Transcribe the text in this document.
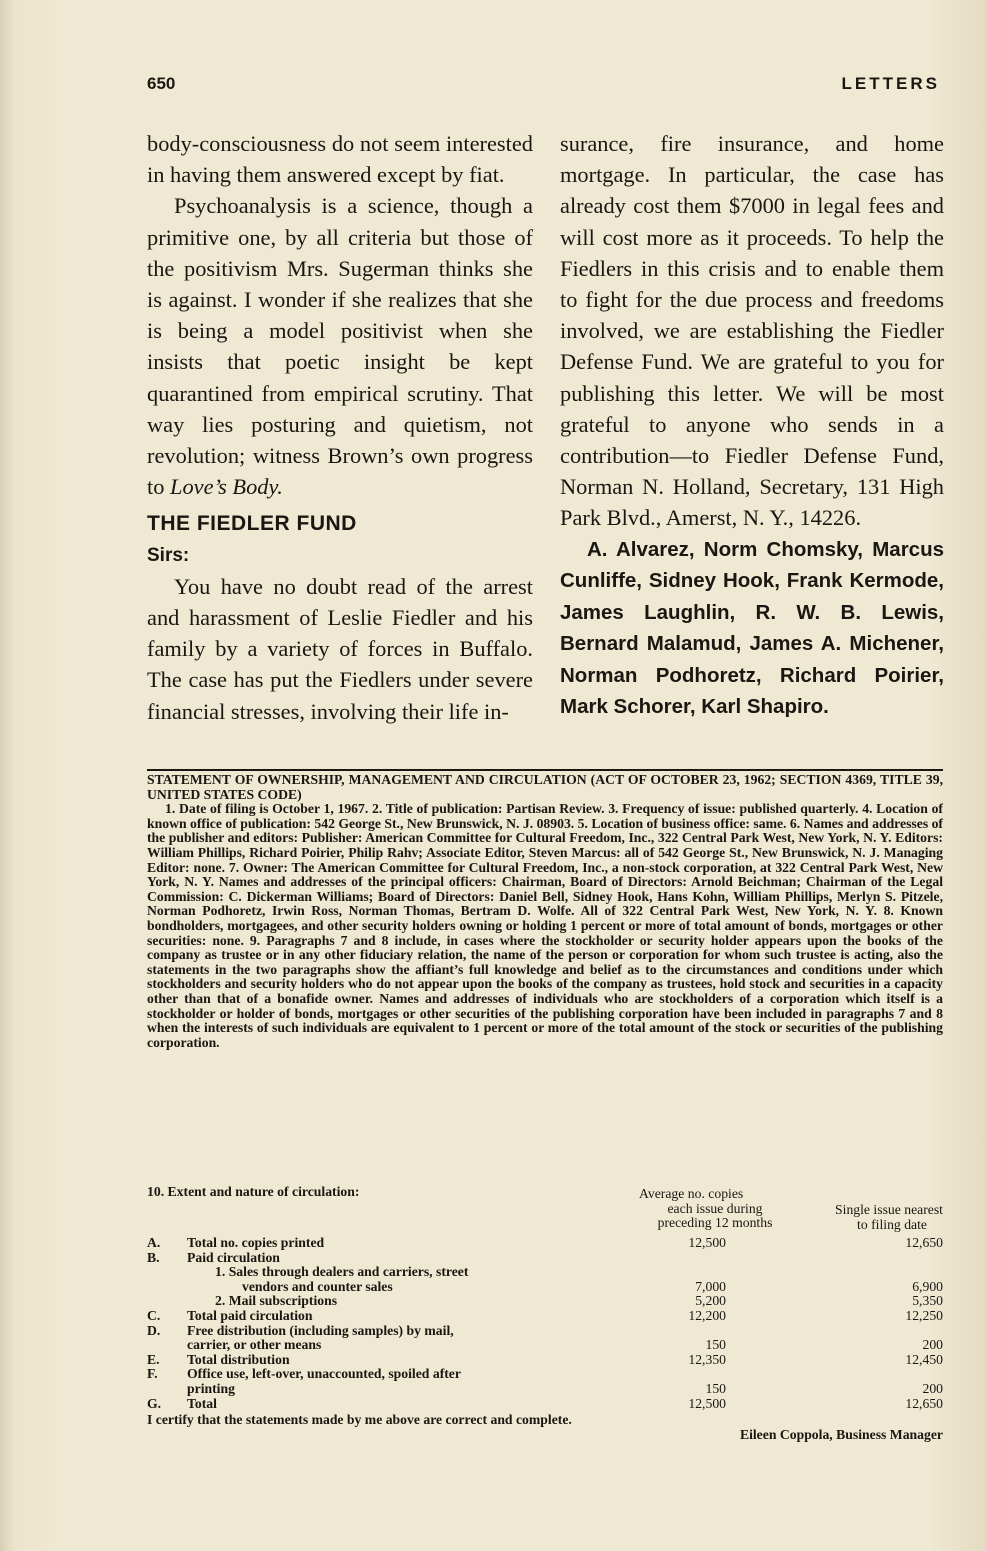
650	LETTERS

body-consciousness do not seem interested in having them answered except by fiat.

Psychoanalysis is a science, though a primitive one, by all criteria but those of the positivism Mrs. Sugerman thinks she is against. I wonder if she realizes that she is being a model positivist when she insists that poetic insight be kept quarantined from empirical scrutiny. That way lies posturing and quietism, not revolution; witness Brown’s own progress to Love’s Body.

THE FIEDLER FUND
Sirs:

You have no doubt read of the arrest and harassment of Leslie Fiedler and his family by a variety of forces in Buffalo. The case has put the Fiedlers under severe financial stresses, involving their life in-

surance, fire insurance, and home mortgage. In particular, the case has already cost them $7000 in legal fees and will cost more as it proceeds. To help the Fiedlers in this crisis and to enable them to fight for the due process and freedoms involved, we are establishing the Fiedler Defense Fund. We are grateful to you for publishing this letter. We will be most grateful to anyone who sends in a contribution—to Fiedler Defense Fund, Norman N. Holland, Secretary, 131 High Park Blvd., Amerst, N. Y., 14226.

A. Alvarez, Norm Chomsky, Marcus Cunliffe, Sidney Hook, Frank Kermode, James Laughlin, R. W. B. Lewis, Bernard Malamud, James A. Michener, Norman Podhoretz, Richard Poirier, Mark Schorer, Karl Shapiro.

STATEMENT OF OWNERSHIP, MANAGEMENT AND CIRCULATION (ACT OF OCTOBER 23, 1962; SECTION 4369, TITLE 39, UNITED STATES CODE)
1. Date of filing is October 1, 1967. 2. Title of publication: Partisan Review. 3. Frequency of issue: published quarterly. 4. Location of known office of publication: 542 George St., New Brunswick, N. J. 08903. 5. Location of business office: same. 6. Names and addresses of the publisher and editors: Publisher: American Committee for Cultural Freedom, Inc., 322 Central Park West, New York, N. Y. Editors: William Phillips, Richard Poirier, Philip Rahv; Associate Editor, Steven Marcus: all of 542 George St., New Brunswick, N. J. Managing Editor: none. 7. Owner: The American Committee for Cultural Freedom, Inc., a non-stock corporation, at 322 Central Park West, New York, N. Y. Names and addresses of the principal officers: Chairman, Board of Directors: Arnold Beichman; Chairman of the Legal Commission: C. Dickerman Williams; Board of Directors: Daniel Bell, Sidney Hook, Hans Kohn, William Phillips, Merlyn S. Pitzele, Norman Podhoretz, Irwin Ross, Norman Thomas, Bertram D. Wolfe. All of 322 Central Park West, New York, N. Y. 8. Known bondholders, mortgagees, and other security holders owning or holding 1 percent or more of total amount of bonds, mortgages or other securities: none. 9. Paragraphs 7 and 8 include, in cases where the stockholder or security holder appears upon the books of the company as trustee or in any other fiduciary relation, the name of the person or corporation for whom such trustee is acting, also the statements in the two paragraphs show the affiant’s full knowledge and belief as to the circumstances and conditions under which stockholders and security holders who do not appear upon the books of the company as trustees, hold stock and securities in a capacity other than that of a bonafide owner. Names and addresses of individuals who are stockholders of a corporation which itself is a stockholder or holder of bonds, mortgages or other securities of the publishing corporation have been included in paragraphs 7 and 8 when the interests of such individuals are equivalent to 1 percent or more of the total amount of the stock or securities of the publishing corporation.
10. Extent and nature of circulation:	Average no. copies
each issue during
preceding 12 months
Single issue nearest
to filing date
A.	Total no. copies printed	12,500	12,650
B.	Paid circulation
1. Sales through dealers and carriers, street
vendors and counter sales	7,000	6,900
2. Mail subscriptions	5,200	5,350
C.	Total paid circulation	12,200	12,250
D.	Free distribution (including samples) by mail,
carrier, or other means	150	200
E.	Total distribution	12,350	12,450
F.	Office use, left-over, unaccounted, spoiled after
printing	150	200
G.	Total	12,500	12,650
I certify that the statements made by me above are correct and complete.
Eileen Coppola, Business Manager
